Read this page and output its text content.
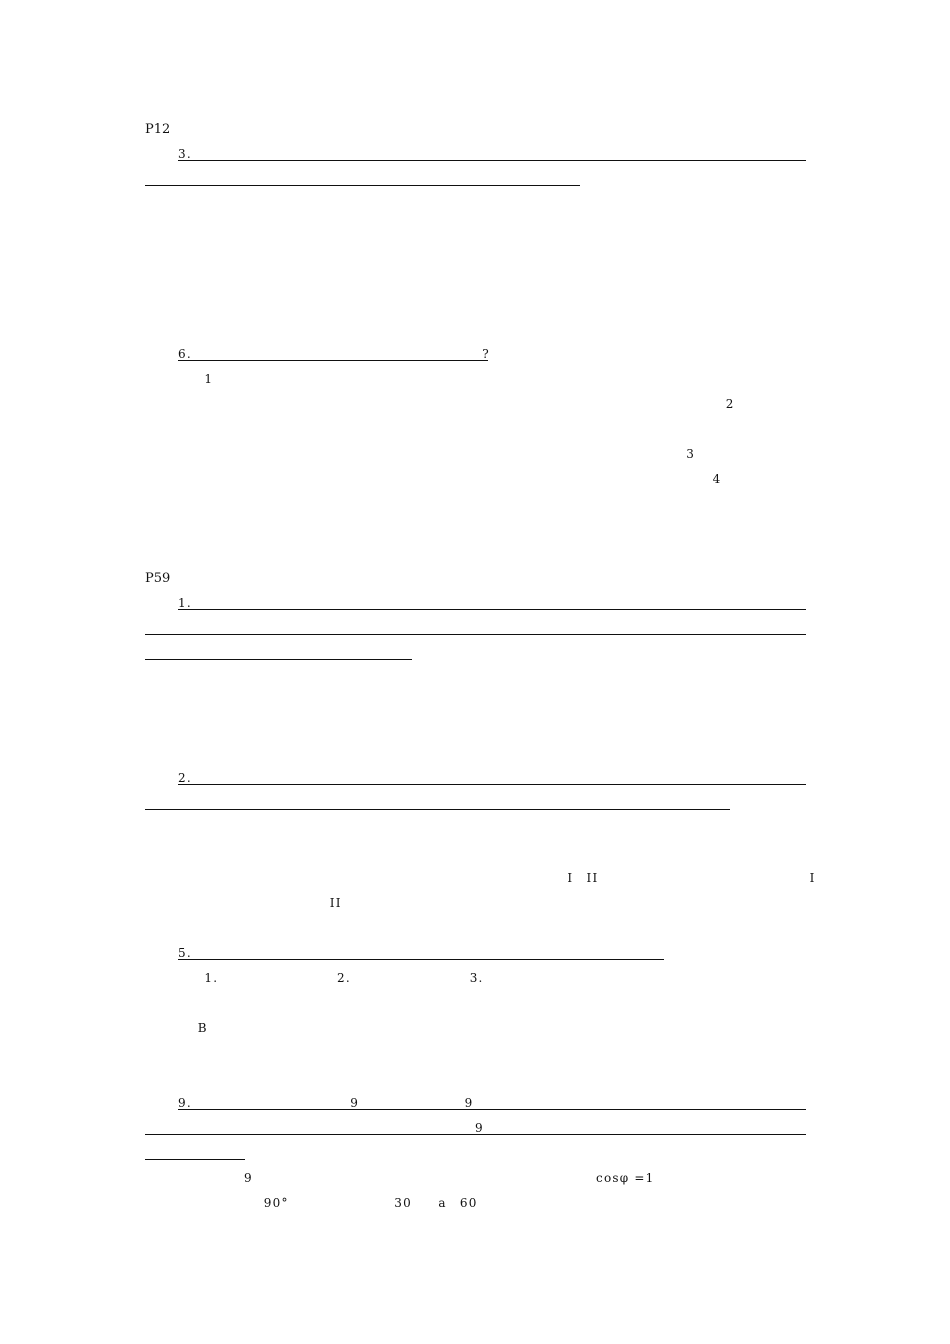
P12
3.　　　　　　　　　　　　　　　　　　　　　　　　　　　　　　　

6.　　　　　　　　　　　　　　　　　　　　　　?
　　1　　　　　　　　　　　　　　　　　　　　　　　　　　　　　　　　
　　　　　　　　　　　　　　　　　　　　　　　　　　　　　　　　　　　　　　　　　　　　2　　　

　　　　　　　　　　　　　　　　　　　　　　　　　　　　　　　　　　　　　　　　　3　　　　　
　　　　　　　　　　　　　　　　　　　　　　　　　　　　　　　　　　　　　　　　　　　4　　　

P59
1.　　　　　　　　　　　　　　　　　　　　　　　　　　　　　　　　　　　　　　　　　　　　　　

2.　　　　　　　　　　　　　　　　　　　　　　　　　　　　　　　　　

　　　　　　　　　　　　　　　　　　　　　　　　　　　　　　　　I　II　　　　　　　　　　　　　　　　I
　　　　　　　　　　　　　　II　　　　　　　　　　　　　　
5.　　　　　　　　　　　　　　　　　　　　　　　　　　　　
　　1.　　　　　　　　　2.　　　　　　　　　3.　　　　　　　

　　　　B　　　　　　　　　　　　　　　　　　　　　　　　　　　　　　

9.　　　　　　　　　　　　9　　　　　　　　9　　　　　　　　　　　　　　　　　　　
　　　　　　　　　　　　　　　　　　　　　　　　　9　　　　　　　　　　　　　　　　　　　　

　　　　　9　　　　　　　　　　　　　　　　　　　　　　　　　　cosφ =1　　　　　　　　　　
　　　　　　　　　90°　　　　　　　　30　　a　60　　　　　　　　　　　　　　　　
